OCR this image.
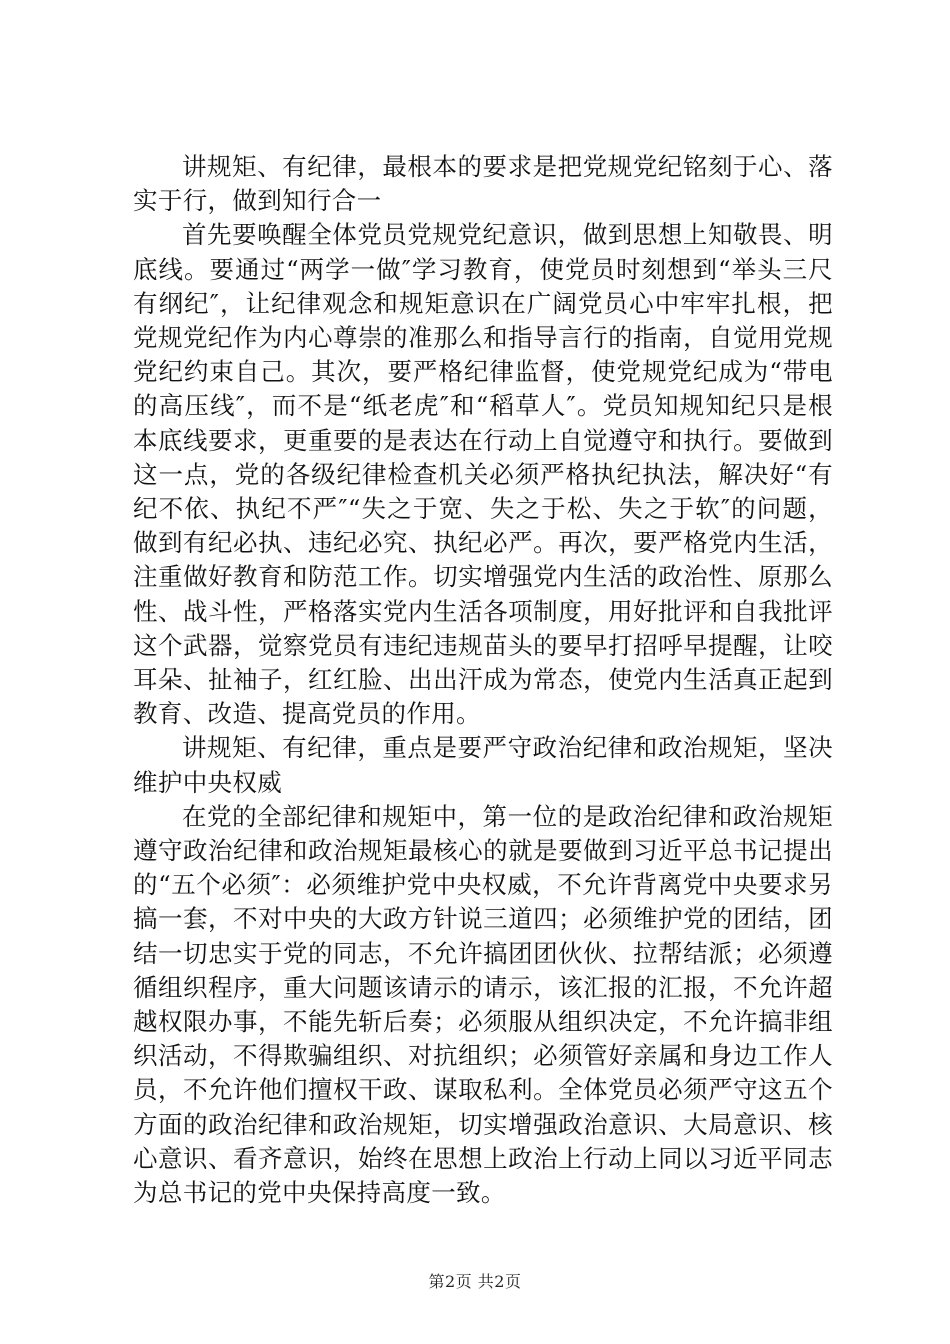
讲规矩、有纪律，最根本的要求是把党规党纪铭刻于心、落实于行，做到知行合一

首先要唤醒全体党员党规党纪意识，做到思想上知敬畏、明底线。要通过“两学一做″学习教育，使党员时刻想到“举头三尺有纲纪″，让纪律观念和规矩意识在广阔党员心中牢牢扎根，把党规党纪作为内心尊崇的准那么和指导言行的指南，自觉用党规党纪约束自己。其次，要严格纪律监督，使党规党纪成为“带电的高压线″，而不是“纸老虎″和“稻草人″。党员知规知纪只是根本底线要求，更重要的是表达在行动上自觉遵守和执行。要做到这一点，党的各级纪律检查机关必须严格执纪执法，解决好“有纪不依、执纪不严″“失之于宽、失之于松、失之于软″的问题，做到有纪必执、违纪必究、执纪必严。再次，要严格党内生活，注重做好教育和防范工作。切实增强党内生活的政治性、原那么性、战斗性，严格落实党内生活各项制度，用好批评和自我批评这个武器，觉察党员有违纪违规苗头的要早打招呼早提醒，让咬耳朵、扯袖子，红红脸、出出汗成为常态，使党内生活真正起到教育、改造、提高党员的作用。

讲规矩、有纪律，重点是要严守政治纪律和政治规矩，坚决维护中央权威

在党的全部纪律和规矩中，第一位的是政治纪律和政治规矩遵守政治纪律和政治规矩最核心的就是要做到习近平总书记提出的“五个必须″：必须维护党中央权威，不允许背离党中央要求另搞一套，不对中央的大政方针说三道四；必须维护党的团结，团结一切忠实于党的同志，不允许搞团团伙伙、拉帮结派；必须遵循组织程序，重大问题该请示的请示，该汇报的汇报，不允许超越权限办事，不能先斩后奏；必须服从组织决定，不允许搞非组织活动，不得欺骗组织、对抗组织；必须管好亲属和身边工作人员，不允许他们擅权干政、谋取私利。全体党员必须严守这五个方面的政治纪律和政治规矩，切实增强政治意识、大局意识、核心意识、看齐意识，始终在思想上政治上行动上同以习近平同志为总书记的党中央保持高度一致。

第2页 共2页
